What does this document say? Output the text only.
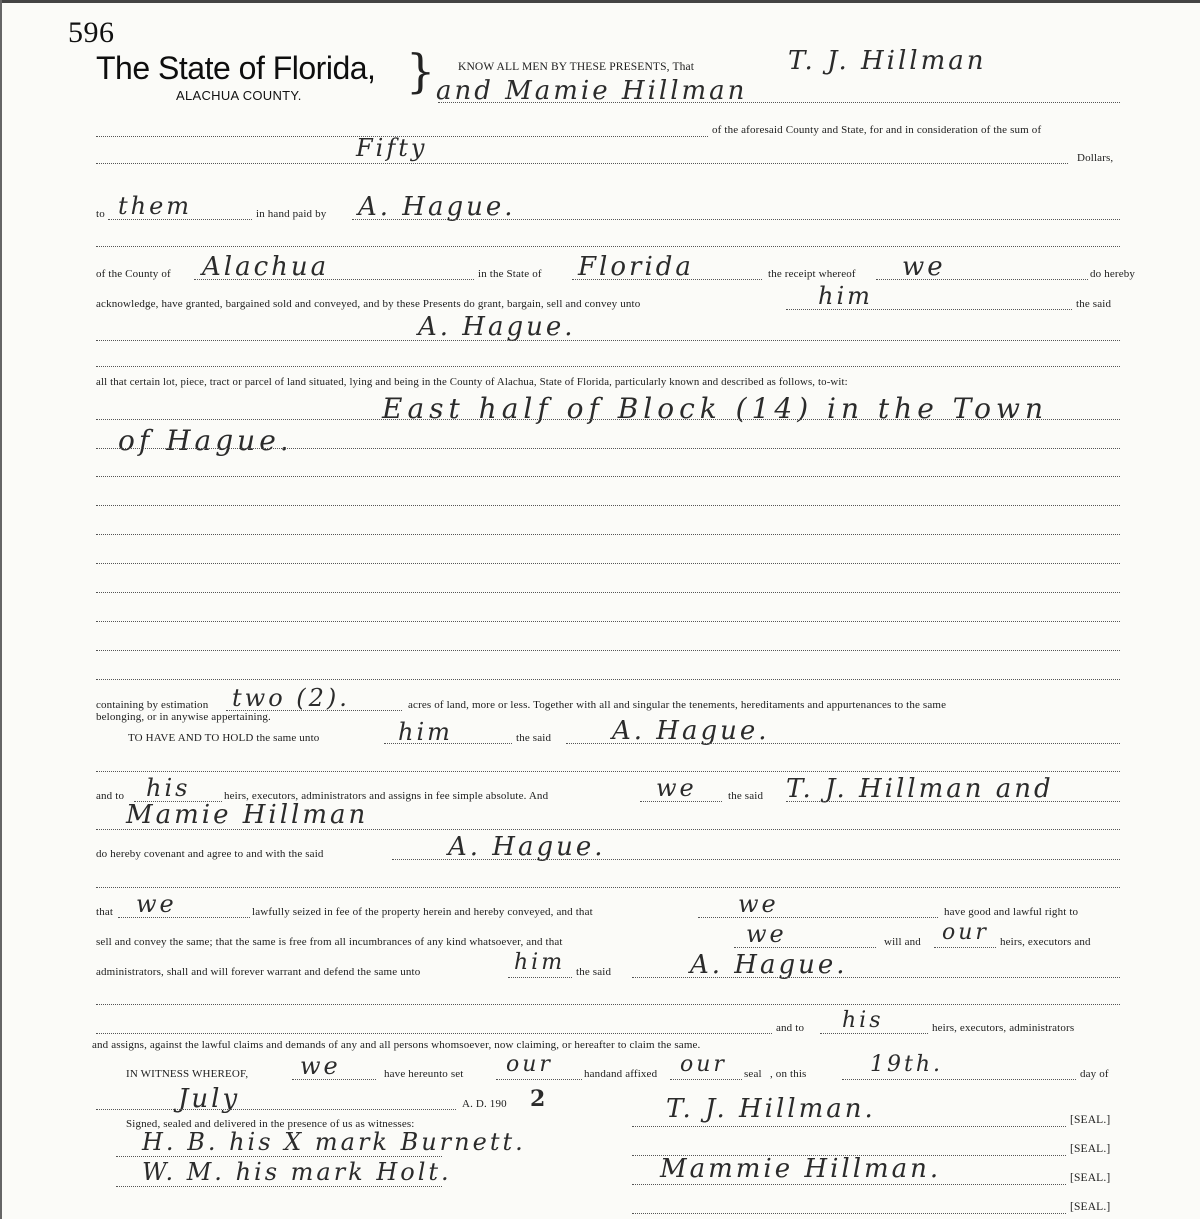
596
The State of Florida,
ALACHUA COUNTY. } KNOW ALL MEN BY THESE PRESENTS, That	T. J. Hillman
and Mamie Hillman
of the aforesaid County and State, for and in consideration of the sum of
Fifty	Dollars,
to them	in hand paid by A. Hague.
of the County of Alachua	in the State of Florida	the receipt whereof we	do hereby
acknowledge, have granted, bargained sold and conveyed, and by these Presents do grant, bargain, sell and convey unto	him	the said
A. Hague.
all that certain lot, piece, tract or parcel of land situated, lying and being in the County of Alachua, State of Florida, particularly known and described as follows, to-wit:
East half of Block (14) in the Town
of Hague.
containing by estimation two (2).	acres of land, more or less. Together with all and singular the tenements, hereditaments and appurtenances to the same
belonging, or in anywise appertaining.
TO HAVE AND TO HOLD the same unto	him	the said A. Hague.
and to his	heirs, executors, administrators and assigns in fee simple absolute. And	we	the said T. J. Hillman and
Mamie Hillman
do hereby covenant and agree to and with the said	A. Hague.
that we	lawfully seized in fee of the property herein and hereby conveyed, and that	we	have good and lawful right to
sell and convey the same; that the same is free from all incumbrances of any kind whatsoever, and that	we	will and our heirs, executors and
administrators, shall and will forever warrant and defend the same unto	him the said	A. Hague.
and to his	heirs, executors, administrators
and assigns, against the lawful claims and demands of any and all persons whomsoever, now claiming, or hereafter to claim the same.
IN WITNESS WHEREOF, we	have hereunto set our	hand and affixed our seal , on this	19th.	day of
July	A. D. 190 2
Signed, sealed and delivered in the presence of us as witnesses:
H. B. his X mark Burnett.
W. M. his mark Holt.
T. J. Hillman.	[SEAL.]
[SEAL.]
Mammie Hillman.	[SEAL.]
[SEAL.]
